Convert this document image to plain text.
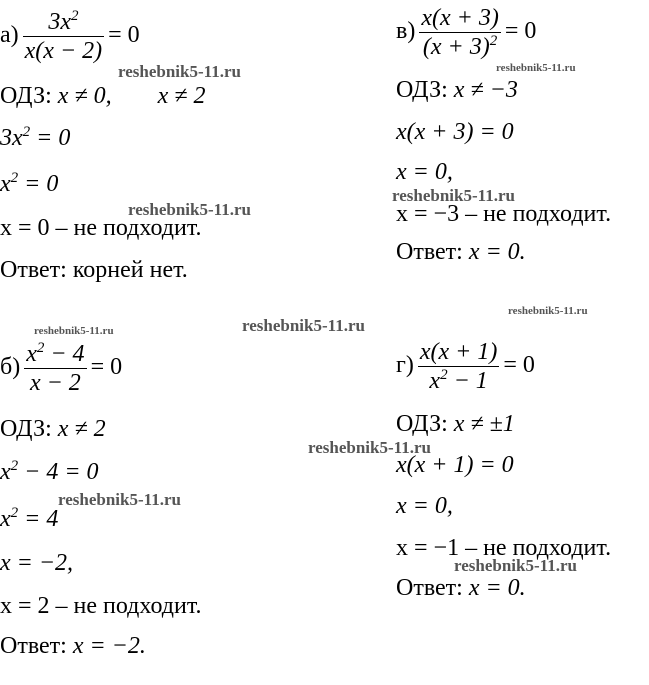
$а) \frac{3x^2}{x(x - 2)} = 0$
ОДЗ: x ≠ 0, x ≠ 2
$3x^2 = 0$
$x^2 = 0$
x = 0 – не подходит.
Ответ: корней нет.
$в) \frac{x(x + 3)}{(x + 3)^2} = 0$
ОДЗ: x ≠ −3
x(x + 3) = 0
x = 0,
x = −3 – не подходит.
Ответ: x = 0.
$б) \frac{x^2 - 4}{x - 2} = 0$
ОДЗ: x ≠ 2
$x^2 - 4 = 0$
$x^2 = 4$
x = −2,
x = 2 – не подходит.
Ответ: x = −2.
$г) \frac{x(x + 1)}{x^2 - 1} = 0$
ОДЗ: x ≠ ±1
x(x + 1) = 0
x = 0,
x = −1 – не подходит.
Ответ: x = 0.
reshebnik5-11.ru	reshebnik5-11.ru
reshebnik5-11.ru
reshebnik5-11.ru
reshebnik5-11.ru
reshebnik5-11.ru	reshebnik5-11.ru
reshebnik5-11.ru
reshebnik5-11.ru
reshebnik5-11.ru
